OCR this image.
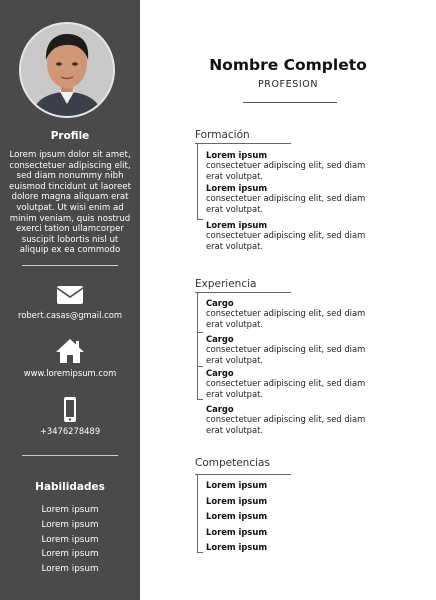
Profile
Lorem ipsum dolor sit amet, consectetuer adipiscing elit, sed diam nonummy nibh euismod tincidunt ut laoreet dolore magna aliquam erat volutpat. Ut wisi enim ad minim veniam, quis nostrud exerci tation ullamcorper suscipit lobortis nisl ut aliquip ex ea commodo
robert.casas@gmail.com
www.loremipsum.com
+3476278489
Habilidades
Lorem ipsum
Lorem ipsum
Lorem ipsum
Lorem ipsum
Lorem ipsum
Nombre Completo
PROFESION
Formación
Lorem ipsum
consectetuer adipiscing elit, sed diam
erat volutpat.
Lorem ipsum
consectetuer adipiscing elit, sed diam
erat volutpat.
Lorem ipsum
consectetuer adipiscing elit, sed diam
erat volutpat.
Experiencia
Cargo
consectetuer adipiscing elit, sed diam
erat volutpat.
Cargo
consectetuer adipiscing elit, sed diam
erat volutpat.
Cargo
consectetuer adipiscing elit, sed diam
erat volutpat.
Cargo
consectetuer adipiscing elit, sed diam
erat volutpat.
Competencias
Lorem ipsum
Lorem ipsum
Lorem ipsum
Lorem ipsum
Lorem ipsum
